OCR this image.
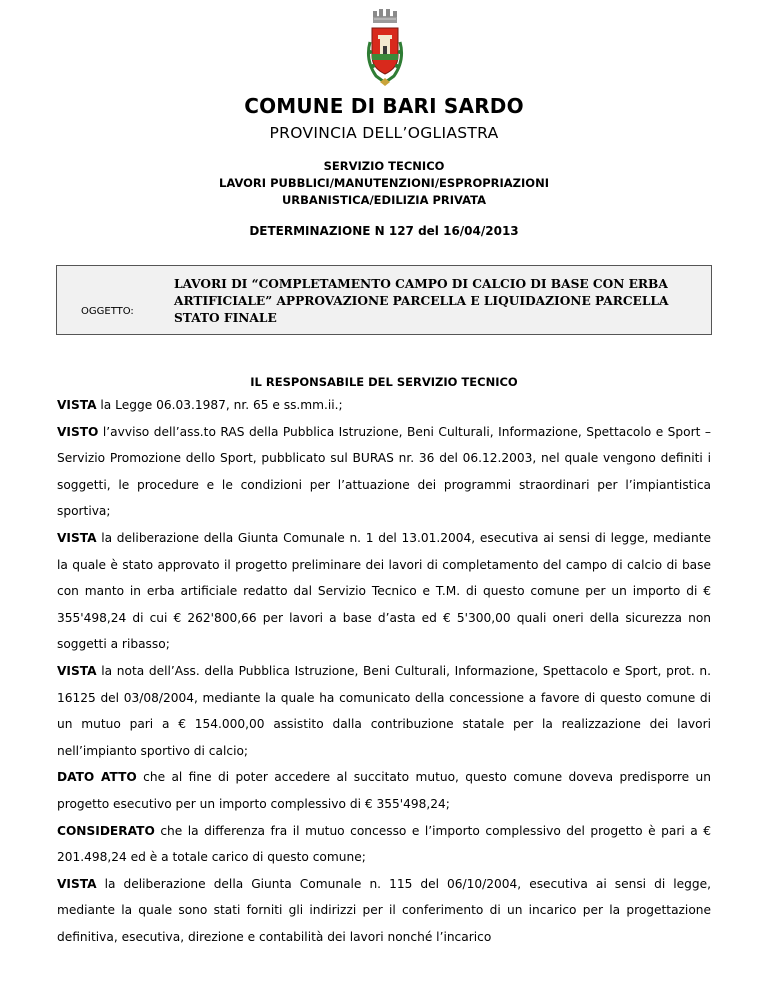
COMUNE DI BARI SARDO
PROVINCIA DELL’OGLIASTRA
SERVIZIO TECNICO
LAVORI PUBBLICI/MANUTENZIONI/ESPROPRIAZIONI
URBANISTICA/EDILIZIA PRIVATA
DETERMINAZIONE N 127 del 16/04/2013
OGGETTO:
LAVORI DI “COMPLETAMENTO CAMPO DI CALCIO DI BASE CON ERBA ARTIFICIALE” APPROVAZIONE PARCELLA E LIQUIDAZIONE PARCELLA STATO FINALE
IL RESPONSABILE DEL SERVIZIO TECNICO

VISTA la Legge 06.03.1987, nr. 65 e ss.mm.ii.;

VISTO l’avviso dell’ass.to RAS della Pubblica Istruzione, Beni Culturali, Informazione, Spettacolo e Sport – Servizio Promozione dello Sport, pubblicato sul BURAS nr. 36 del 06.12.2003, nel quale vengono definiti i soggetti, le procedure e le condizioni per l’attuazione dei programmi straordinari per l’impiantistica sportiva;

VISTA la deliberazione della Giunta Comunale n. 1 del 13.01.2004, esecutiva ai sensi di legge, mediante la quale è stato approvato il progetto preliminare dei lavori di completamento del campo di calcio di base con manto in erba artificiale redatto dal Servizio Tecnico e T.M. di questo comune per un importo di € 355'498,24 di cui € 262'800,66 per lavori a base d’asta ed € 5'300,00 quali oneri della sicurezza non soggetti a ribasso;

VISTA la nota dell’Ass. della Pubblica Istruzione, Beni Culturali, Informazione, Spettacolo e Sport, prot. n. 16125 del 03/08/2004, mediante la quale ha comunicato della concessione a favore di questo comune di un mutuo pari a € 154.000,00 assistito dalla contribuzione statale per la realizzazione dei lavori nell’impianto sportivo di calcio;

DATO ATTO che al fine di poter accedere al succitato mutuo, questo comune doveva predisporre un progetto esecutivo per un importo complessivo di € 355'498,24;

CONSIDERATO che la differenza fra il mutuo concesso e l’importo complessivo del progetto è pari a € 201.498,24 ed è a totale carico di questo comune;

VISTA la deliberazione della Giunta Comunale n. 115 del 06/10/2004, esecutiva ai sensi di legge, mediante la quale sono stati forniti gli indirizzi per il conferimento di un incarico per la progettazione definitiva, esecutiva, direzione e contabilità dei lavori nonché l’incarico
